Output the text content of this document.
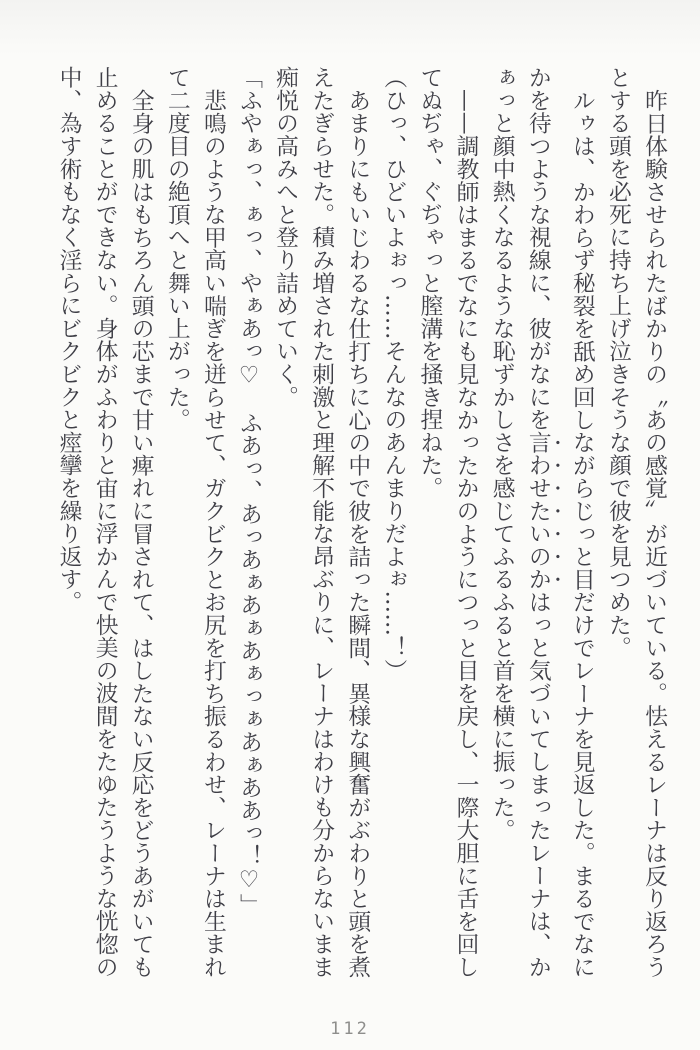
昨日体験させられたばかりの〝あの感覚〟が近づいている。怯えるレーナは反り返ろうとする頭を必死に持ち上げ泣きそうな顔で彼を見つめた。

ルゥは、かわらず秘裂を舐め回しながらじっと目だけでレーナを見返した。まるでなにかを待つような視線に、彼がなにを言わせたいのかはっと気づいてしまったレーナは、かぁっと顔中熱くなるような恥ずかしさを感じてふるふると首を横に振った。

——調教師はまるでなにも見なかったかのようにつっと目を戻し、一際大胆に舌を回してぬぢゃ、ぐぢゃっと膣溝を掻き捏ねた。

（ひっ、ひどいよぉっ……そんなのあんまりだよぉ……！）

あまりにもいじわるな仕打ちに心の中で彼を詰った瞬間、異様な興奮がぶわりと頭を煮えたぎらせた。積み増された刺激と理解不能な昂ぶりに、レーナはわけも分からないまま痴悦の高みへと登り詰めていく。

「ふやぁっ、ぁっ、やぁあっ♡　ふあっ、あっあぁあぁあぁっぁあぁああっ！♡」

悲鳴のような甲高い喘ぎを迸らせて、ガクビクとお尻を打ち振るわせ、レーナは生まれて二度目の絶頂へと舞い上がった。

全身の肌はもちろん頭の芯まで甘い痺れに冒されて、はしたない反応をどうあがいても止めることができない。身体がふわりと宙に浮かんで快美の波間をたゆたうような恍惚の中、為す術もなく淫らにビクビクと痙攣を繰り返す。

112
